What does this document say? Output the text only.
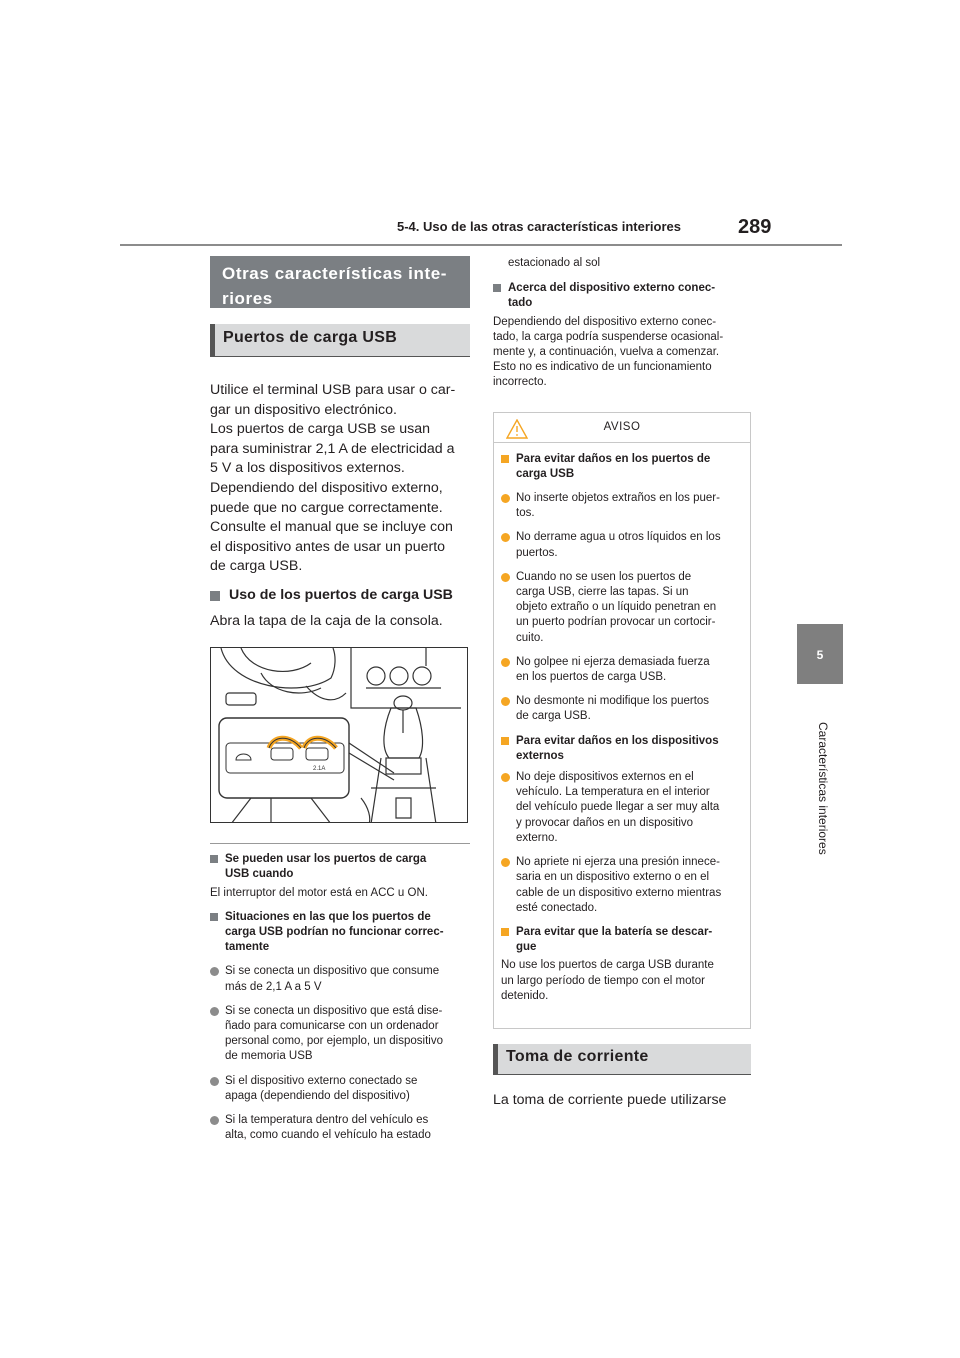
5-4. Uso de las otras características interiores	289
5
Características interiores
Otras características inte-
riores
Puertos de carga USB
Utilice el terminal USB para usar o car-
gar un dispositivo electrónico.
Los puertos de carga USB se usan
para suministrar 2,1 A de electricidad a
5 V a los dispositivos externos.
Dependiendo del dispositivo externo,
puede que no cargue correctamente.
Consulte el manual que se incluye con
el dispositivo antes de usar un puerto
de carga USB.
Uso de los puertos de carga USB
Abra la tapa de la caja de la consola.
2.1A
Se pueden usar los puertos de carga
USB cuando
El interruptor del motor está en ACC u ON.
Situaciones en las que los puertos de
carga USB podrían no funcionar correc-
tamente
Si se conecta un dispositivo que consume
más de 2,1 A a 5 V
Si se conecta un dispositivo que está dise-
ñado para comunicarse con un ordenador
personal como, por ejemplo, un dispositivo
de memoria USB
Si el dispositivo externo conectado se
apaga (dependiendo del dispositivo)
Si la temperatura dentro del vehículo es
alta, como cuando el vehículo ha estado
estacionado al sol
Acerca del dispositivo externo conec-
tado
Dependiendo del dispositivo externo conec-
tado, la carga podría suspenderse ocasional-
mente y, a continuación, vuelva a comenzar.
Esto no es indicativo de un funcionamiento
incorrecto.
AVISO
Para evitar daños en los puertos de
carga USB
No inserte objetos extraños en los puer-
tos.
No derrame agua u otros líquidos en los
puertos.
Cuando no se usen los puertos de
carga USB, cierre las tapas. Si un
objeto extraño o un líquido penetran en
un puerto podrían provocar un cortocir-
cuito.
No golpee ni ejerza demasiada fuerza
en los puertos de carga USB.
No desmonte ni modifique los puertos
de carga USB.
Para evitar daños en los dispositivos
externos
No deje dispositivos externos en el
vehículo. La temperatura en el interior
del vehículo puede llegar a ser muy alta
y provocar daños en un dispositivo
externo.
No apriete ni ejerza una presión innece-
saria en un dispositivo externo o en el
cable de un dispositivo externo mientras
esté conectado.
Para evitar que la batería se descar-
gue
No use los puertos de carga USB durante
un largo período de tiempo con el motor
detenido.
Toma de corriente
La toma de corriente puede utilizarse
